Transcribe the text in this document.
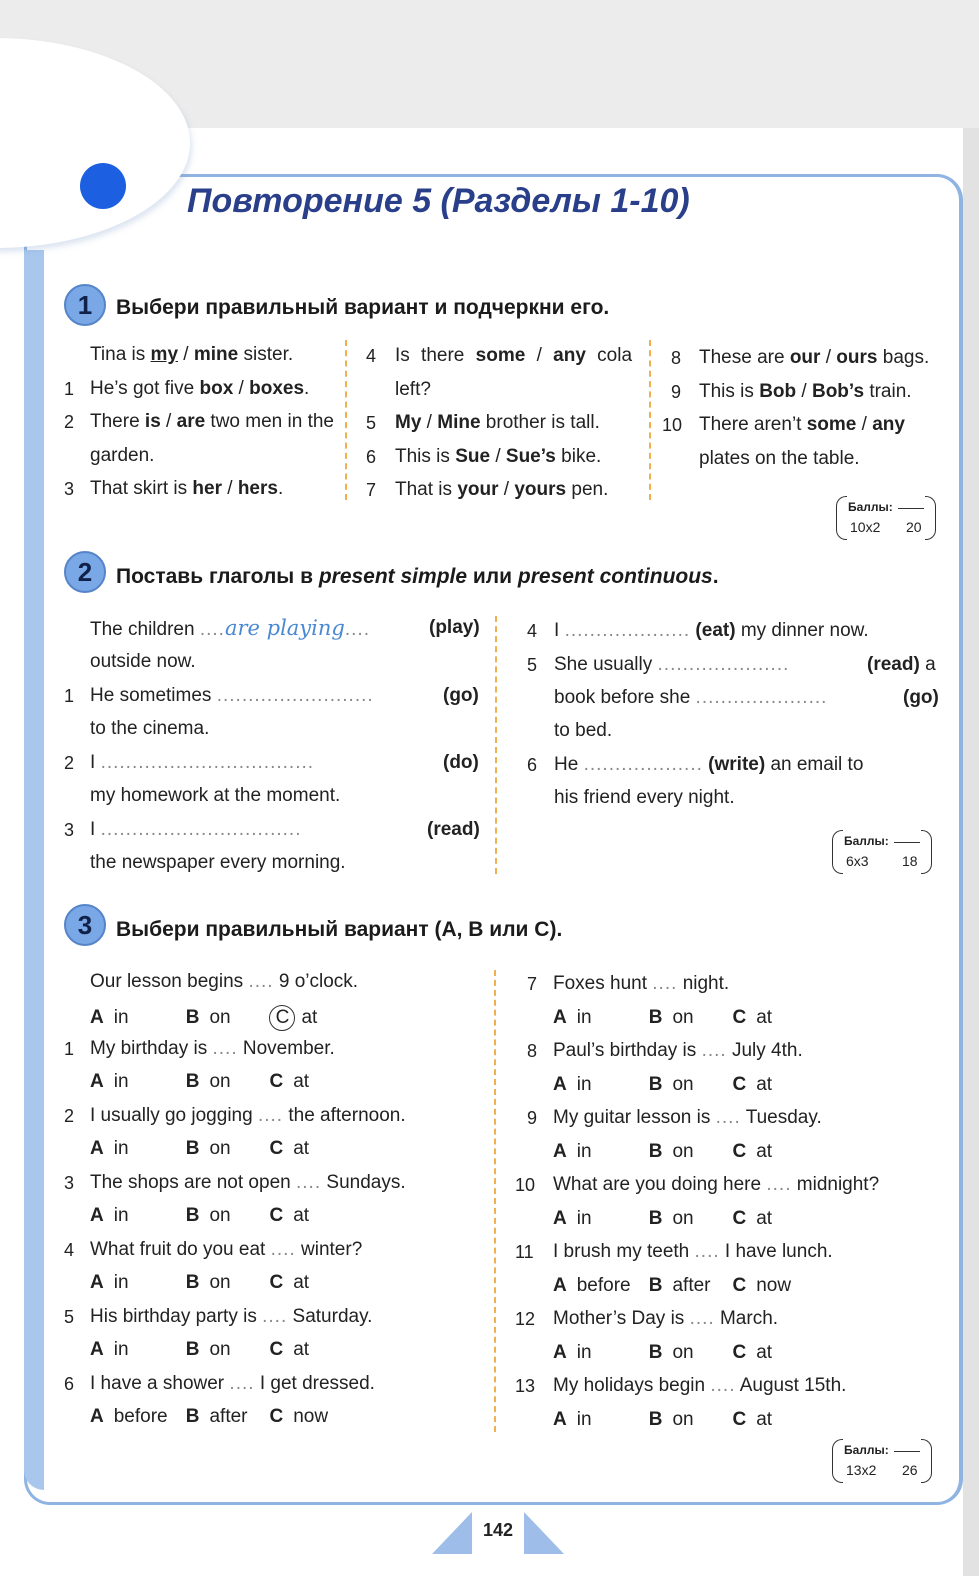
Повторение 5 (Разделы 1-10)
1	Выбери правильный вариант и подчеркни его.
Tina is my / mine sister.
1 He’s got five box / boxes.
2 There is / are two men in the
garden.
3 That skirt is her / hers.
4 Is there some / any cola
left?
5 My / Mine brother is tall.
6 This is Sue / Sue’s bike.
7 That is your / yours pen.
8 These are our / ours bags.
9 This is Bob / Bob’s train.
10 There aren’t some / any
plates on the table.
Баллы:
10x2 20
2	Поставь глаголы в present simple или present continuous.
The children ....are playing....	(play)
outside now.
1 He sometimes .........................	(go)
to the cinema.
2 I ..................................	(do)
my homework at the moment.
3 I ................................	(read)
the newspaper every morning.
4 I .................... (eat) my dinner now.
5 She usually .....................	(read) a
book before she .....................	(go)
to bed.
6 He ................... (write) an email to
his friend every night.
Баллы:
6x3 18
3	Выбери правильный вариант (A, B или C).
Our lesson begins .... 9 o’clock.
A in	B on C at
1 My birthday is .... November.
A in	B on C at
2 I usually go jogging .... the afternoon.
A in	B on C at
3 The shops are not open .... Sundays.
A in	B on C at
4 What fruit do you eat .... winter?
A in	B on C at
5 His birthday party is .... Saturday.
A in	B on C at
6 I have a shower .... I get dressed.
A before B after C now
7 Foxes hunt .... night.
A in	B on C at
8 Paul’s birthday is .... July 4th.
A in	B on C at
9 My guitar lesson is .... Tuesday.
A in	B on C at
10 What are you doing here .... midnight?
A in	B on C at
11 I brush my teeth .... I have lunch.
A before B after C now
12 Mother’s Day is .... March.
A in	B on C at
13 My holidays begin .... August 15th.
A in	B on C at
Баллы:
13x2 26
142
